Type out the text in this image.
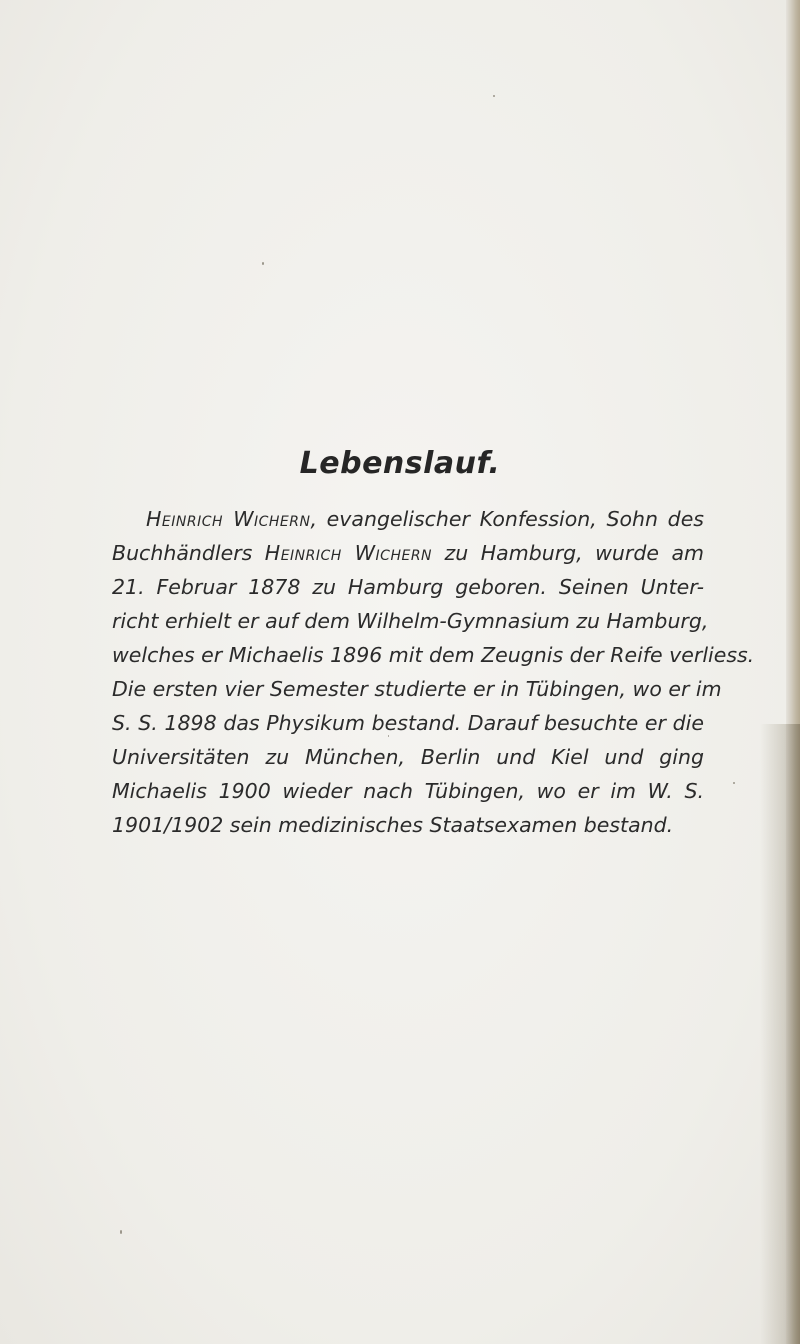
Lebenslauf.
Heinrich Wichern, evangelischer Konfession, Sohn des
Buchhändlers Heinrich Wichern zu Hamburg, wurde am
21. Februar 1878 zu Hamburg geboren. Seinen Unter-
richt erhielt er auf dem Wilhelm-Gymnasium zu Hamburg,
welches er Michaelis 1896 mit dem Zeugnis der Reife verliess.
Die ersten vier Semester studierte er in Tübingen, wo er im
S. S. 1898 das Physikum bestand. Darauf besuchte er die
Universitäten zu München, Berlin und Kiel und ging
Michaelis 1900 wieder nach Tübingen, wo er im W. S.
1901/1902 sein medizinisches Staatsexamen bestand.
